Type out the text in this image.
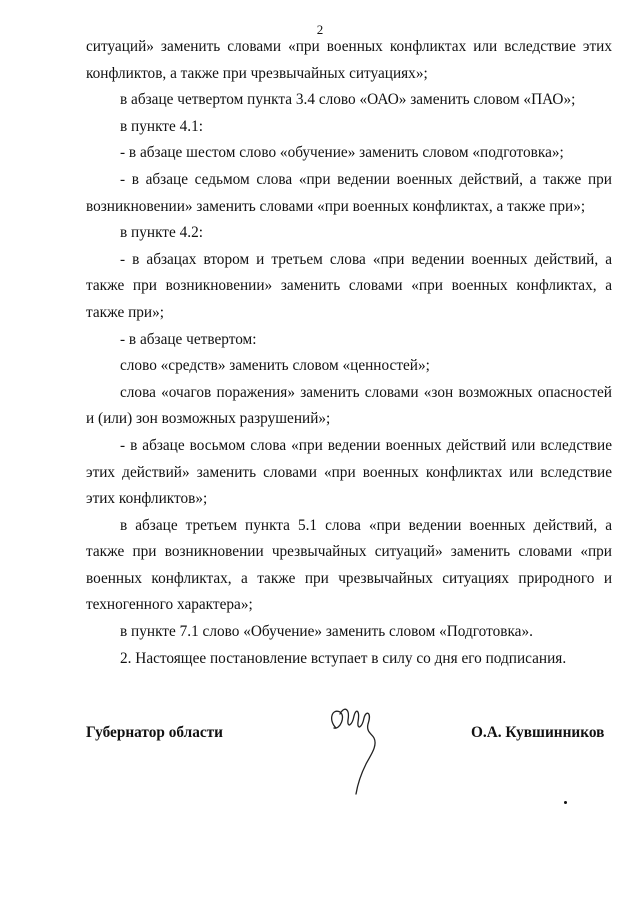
2

ситуаций» заменить словами «при военных конфликтах или вследствие этих конфликтов, а также при чрезвычайных ситуациях»;

в абзаце четвертом пункта 3.4 слово «ОАО» заменить словом «ПАО»;

в пункте 4.1:

- в абзаце шестом слово «обучение» заменить словом «подготовка»;

- в абзаце седьмом слова «при ведении военных действий, а также при возникновении» заменить словами «при военных конфликтах, а также при»;

в пункте 4.2:

- в абзацах втором и третьем слова «при ведении военных действий, а также при возникновении» заменить словами «при военных конфликтах, а также при»;

- в абзаце четвертом:

слово «средств» заменить словом «ценностей»;

слова «очагов поражения» заменить словами «зон возможных опасностей и (или) зон возможных разрушений»;

- в абзаце восьмом слова «при ведении военных действий или вследствие этих действий» заменить словами «при военных конфликтах или вследствие этих конфликтов»;

в абзаце третьем пункта 5.1 слова «при ведении военных действий, а также при возникновении чрезвычайных ситуаций» заменить словами «при военных конфликтах, а также при чрезвычайных ситуациях природного и техногенного характера»;

в пункте 7.1 слово «Обучение» заменить словом «Подготовка».

2. Настоящее постановление вступает в силу со дня его подписания.

Губернатор области	О.А. Кувшинников
